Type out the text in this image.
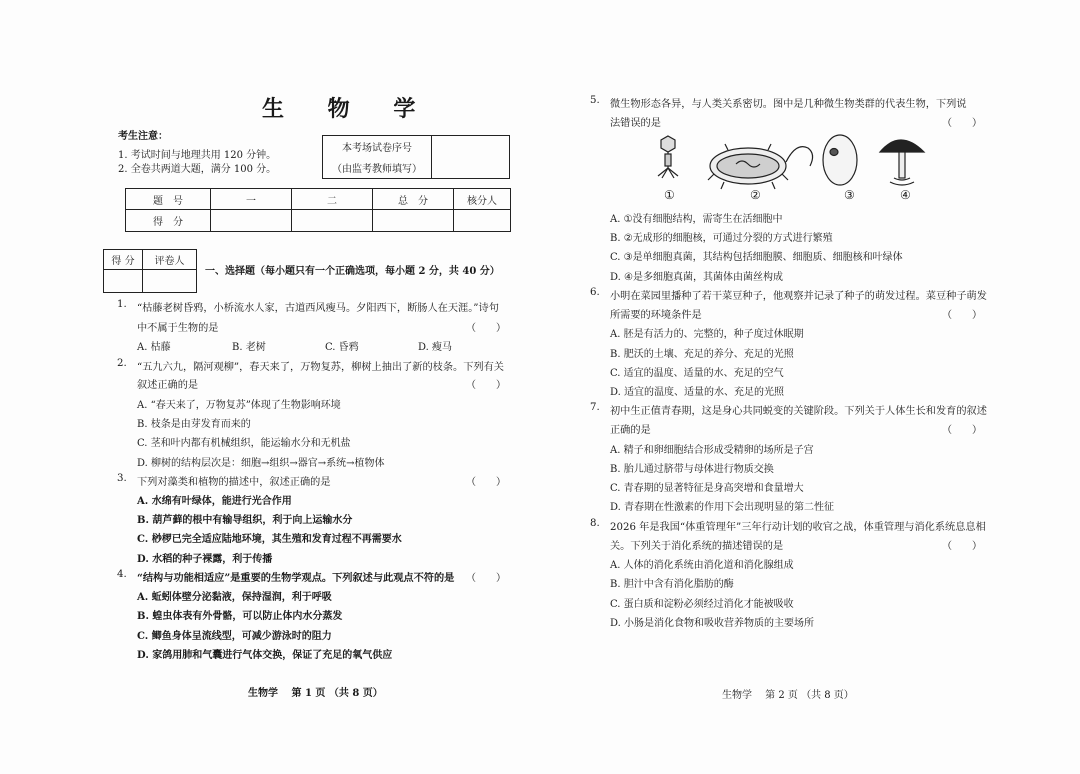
生 物 学
考生注意：
1. 考试时间与地理共用 120 分钟。
2. 全卷共两道大题，满分 100 分。
本考场试卷序号
（由监考教师填写）

题　号	一	二	总　分	核分人
得　分				
得 分	评卷人

一、选择题（每小题只有一个正确选项，每小题 2 分，共 40 分）
1. “枯藤老树昏鸦，小桥流水人家，古道西风瘦马。夕阳西下，断肠人在天涯。”诗句
中不属于生物的是	（　　）
A. 枯藤	B. 老树	C. 昏鸦	D. 瘦马
2. “五九六九，隔河观柳”，春天来了，万物复苏，柳树上抽出了新的枝条。下列有关
叙述正确的是	（　　）
A. “春天来了，万物复苏”体现了生物影响环境
B. 枝条是由芽发育而来的
C. 茎和叶内都有机械组织，能运输水分和无机盐
D. 柳树的结构层次是：细胞→组织→器官→系统→植物体
3. 下列对藻类和植物的描述中，叙述正确的是	（　　）
A. 水绵有叶绿体，能进行光合作用
B. 葫芦藓的根中有输导组织，利于向上运输水分
C. 桫椤已完全适应陆地环境，其生殖和发育过程不再需要水
D. 水稻的种子裸露，利于传播
4. “结构与功能相适应”是重要的生物学观点。下列叙述与此观点不符的是 （　　）
A. 蚯蚓体壁分泌黏液，保持湿润，利于呼吸
B. 蝗虫体表有外骨骼，可以防止体内水分蒸发
C. 鲫鱼身体呈流线型，可减少游泳时的阻力
D. 家鸽用肺和气囊进行气体交换，保证了充足的氧气供应
生物学　 第 1 页 （共 8 页）
5. 微生物形态各异，与人类关系密切。图中是几种微生物类群的代表生物，下列说
法错误的是	（　　）
①	②	③	④
A. ①没有细胞结构，需寄生在活细胞中
B. ②无成形的细胞核，可通过分裂的方式进行繁殖
C. ③是单细胞真菌，其结构包括细胞膜、细胞质、细胞核和叶绿体
D. ④是多细胞真菌，其菌体由菌丝构成
6. 小明在菜园里播种了若干菜豆种子，他观察并记录了种子的萌发过程。菜豆种子萌发
所需要的环境条件是	（　　）
A. 胚是有活力的、完整的，种子度过休眠期
B. 肥沃的土壤、充足的养分、充足的光照
C. 适宜的温度、适量的水、充足的空气
D. 适宜的温度、适量的水、充足的光照
7. 初中生正值青春期，这是身心共同蜕变的关键阶段。下列关于人体生长和发育的叙述
正确的是	（　　）
A. 精子和卵细胞结合形成受精卵的场所是子宫
B. 胎儿通过脐带与母体进行物质交换
C. 青春期的显著特征是身高突增和食量增大
D. 青春期在性激素的作用下会出现明显的第二性征
8. 2026 年是我国“体重管理年”三年行动计划的收官之战，体重管理与消化系统息息相
关。下列关于消化系统的描述错误的是	（　　）
A. 人体的消化系统由消化道和消化腺组成
B. 胆汁中含有消化脂肪的酶
C. 蛋白质和淀粉必须经过消化才能被吸收
D. 小肠是消化食物和吸收营养物质的主要场所
生物学　 第 2 页 （共 8 页）
